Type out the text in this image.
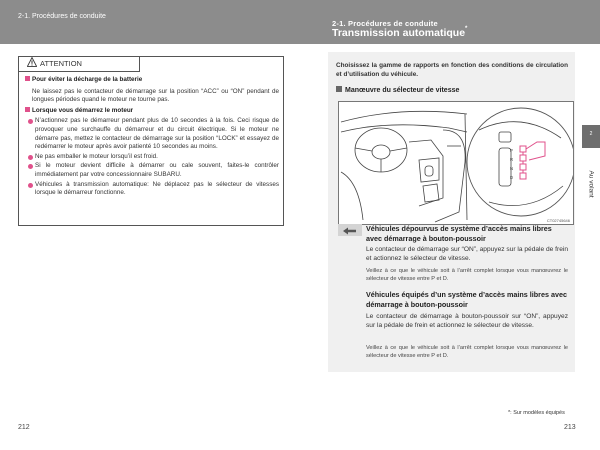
2-1. Procédures de conduite
ATTENTION
Pour éviter la décharge de la batterie
Ne laissez pas le contacteur de démarrage sur la position “ACC” ou “ON” pendant de longues périodes quand le moteur ne tourne pas.
Lorsque vous démarrez le moteur
N’actionnez pas le démarreur pendant plus de 10 secondes à la fois. Ceci risque de provoquer une surchauffe du démarreur et du circuit électrique. Si le moteur ne démarre pas, mettez le contacteur de démarrage sur la position “LOCK” et essayez de redémarrer le moteur après avoir patienté 10 secondes au moins.
Ne pas emballer le moteur lorsqu’il est froid.
Si le moteur devient difficile à démarrer ou cale souvent, faites-le contrôler immédiatement par votre concessionnaire SUBARU.
Véhicules à transmission automatique: Ne déplacez pas le sélecteur de vitesses lorsque le démarreur fonctionne.
212
2-1. Procédures de conduite
Transmission automatique*
Choisissez la gamme de rapports en fonction des conditions de circulation et d’utilisation du véhicule.
Manœuvre du sélecteur de vitesse
P
R
N
D
CT02745646
Véhicules dépourvus de système d’accès mains libres avec démarrage à bouton-poussoir
Le contacteur de démarrage sur “ON”, appuyez sur la pédale de frein et actionnez le sélecteur de vitesse.
Veillez à ce que le véhicule soit à l’arrêt complet lorsque vous manœuvrez le sélecteur de vitesse entre P et D.
Véhicules équipés d’un système d’accès mains libres avec démarrage à bouton-poussoir
Le contacteur de démarrage à bouton-poussoir sur “ON”, appuyez sur la pédale de frein et actionnez le sélecteur de vitesse.
Veillez à ce que le véhicule soit à l’arrêt complet lorsque vous manœuvrez le sélecteur de vitesse entre P et D.
2
Au volant
*: Sur modèles équipés
213
